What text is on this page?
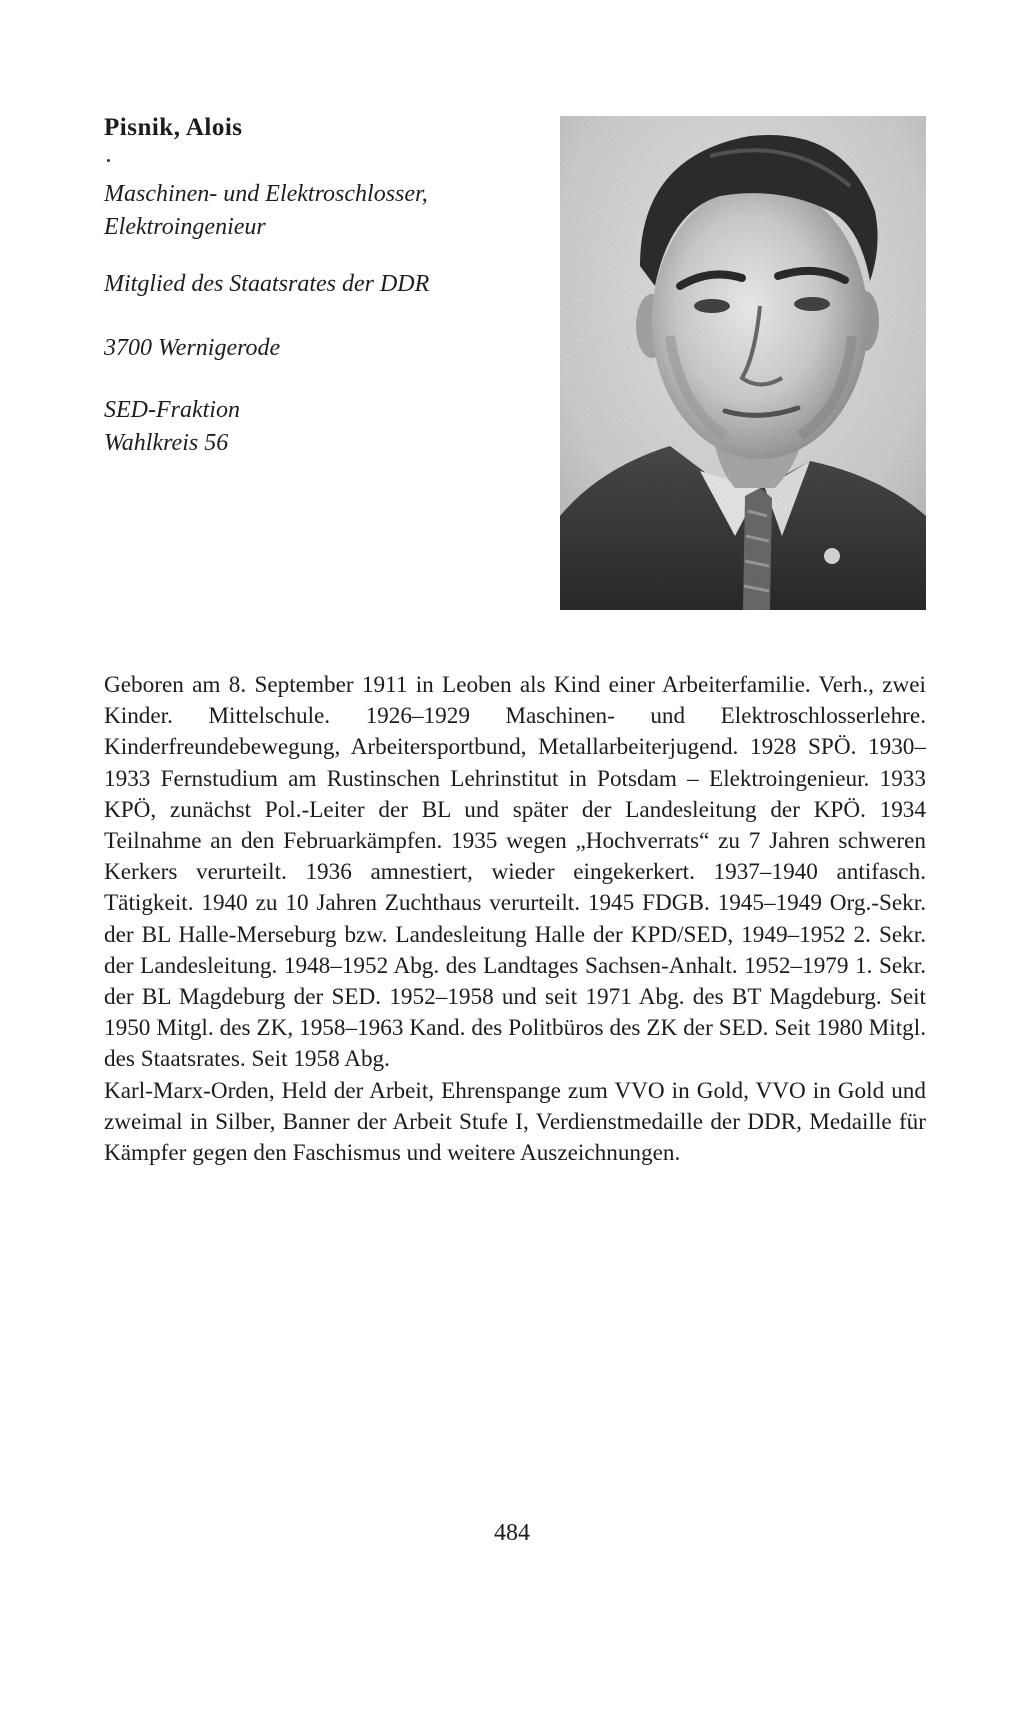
Pisnik, Alois
Maschinen- und Elektroschlosser,
Elektroingenieur
Mitglied des Staatsrates der DDR
3700 Wernigerode
SED-Fraktion
Wahlkreis 56

Geboren am 8. September 1911 in Leoben als Kind einer Arbeiterfamilie. Verh., zwei Kinder. Mittelschule. 1926–1929 Maschinen- und Elektroschlosserlehre. Kinderfreundebewegung, Arbeitersportbund, Metallarbeiterjugend. 1928 SPÖ. 1930–1933 Fernstudium am Rustinschen Lehrinstitut in Potsdam – Elektroingenieur. 1933 KPÖ, zunächst Pol.-Leiter der BL und später der Landesleitung der KPÖ. 1934 Teilnahme an den Februarkämpfen. 1935 wegen „Hochverrats“ zu 7 Jahren schweren Kerkers verurteilt. 1936 amnestiert, wieder eingekerkert. 1937–1940 antifasch. Tätigkeit. 1940 zu 10 Jahren Zuchthaus verurteilt. 1945 FDGB. 1945–1949 Org.-Sekr. der BL Halle-Merseburg bzw. Landesleitung Halle der KPD/SED, 1949–1952 2. Sekr. der Landesleitung. 1948–1952 Abg. des Landtages Sachsen-Anhalt. 1952–1979 1. Sekr. der BL Magdeburg der SED. 1952–1958 und seit 1971 Abg. des BT Magdeburg. Seit 1950 Mitgl. des ZK, 1958–1963 Kand. des Politbüros des ZK der SED. Seit 1980 Mitgl. des Staatsrates. Seit 1958 Abg.

Karl-Marx-Orden, Held der Arbeit, Ehrenspange zum VVO in Gold, VVO in Gold und zweimal in Silber, Banner der Arbeit Stufe I, Verdienstmedaille der DDR, Medaille für Kämpfer gegen den Faschismus und weitere Auszeichnungen.

484
